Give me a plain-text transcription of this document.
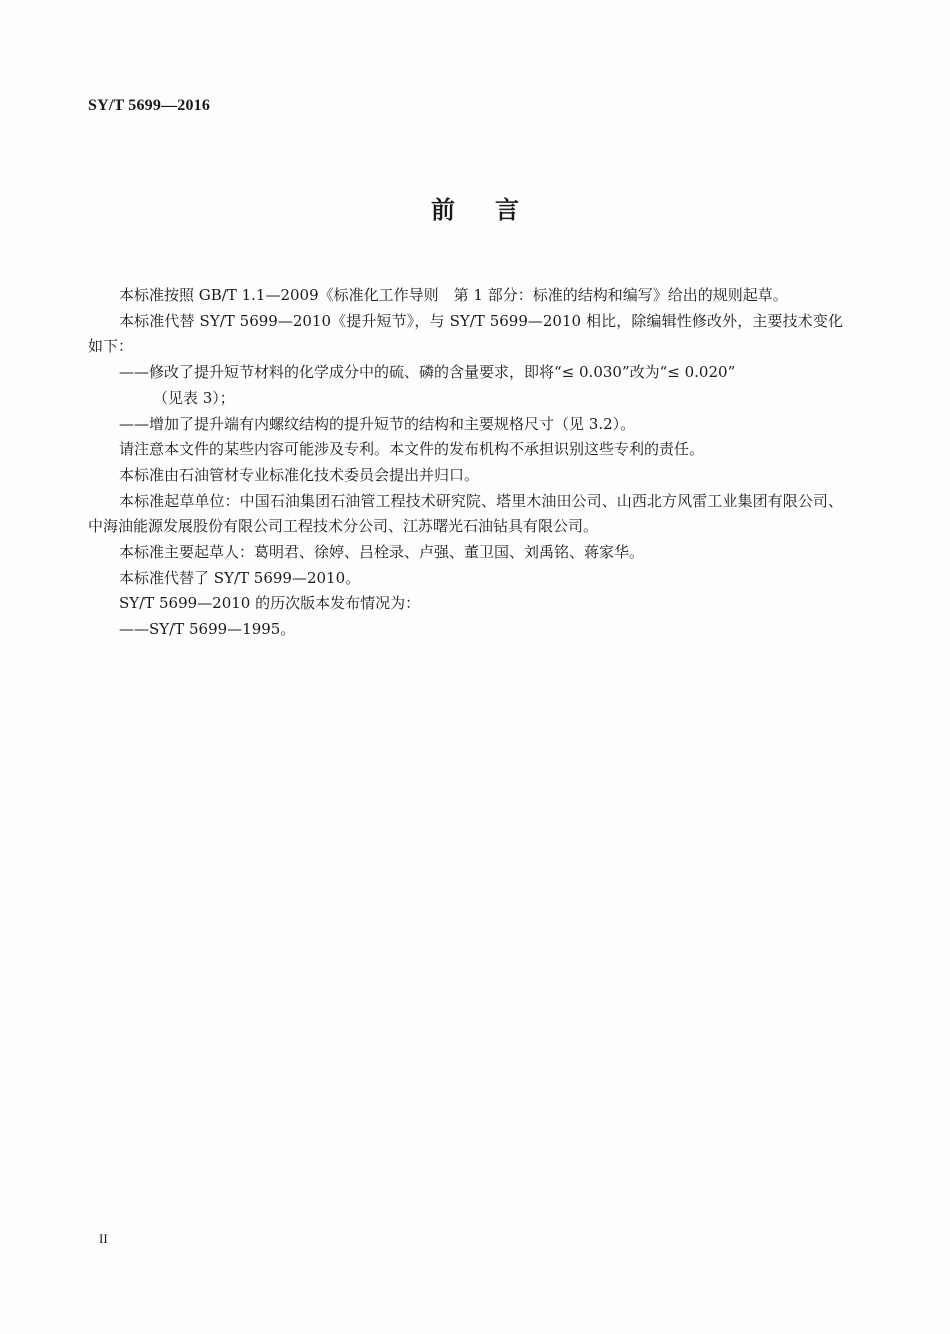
SY/T 5699—2016
前言

本标准按照 GB/T 1.1—2009《标准化工作导则　第 1 部分：标准的结构和编写》给出的规则起草。

本标准代替 SY/T 5699—2010《提升短节》，与 SY/T 5699—2010 相比，除编辑性修改外，主要技术变化如下：

——修改了提升短节材料的化学成分中的硫、磷的含量要求，即将“≤ 0.030”改为“≤ 0.020”
（见表 3）；

——增加了提升端有内螺纹结构的提升短节的结构和主要规格尺寸（见 3.2）。

请注意本文件的某些内容可能涉及专利。本文件的发布机构不承担识别这些专利的责任。

本标准由石油管材专业标准化技术委员会提出并归口。

本标准起草单位：中国石油集团石油管工程技术研究院、塔里木油田公司、山西北方风雷工业集团有限公司、中海油能源发展股份有限公司工程技术分公司、江苏曙光石油钻具有限公司。

本标准主要起草人：葛明君、徐婷、吕栓录、卢强、董卫国、刘禹铭、蒋家华。

本标准代替了 SY/T 5699—2010。

SY/T 5699—2010 的历次版本发布情况为：

——SY/T 5699—1995。

II
